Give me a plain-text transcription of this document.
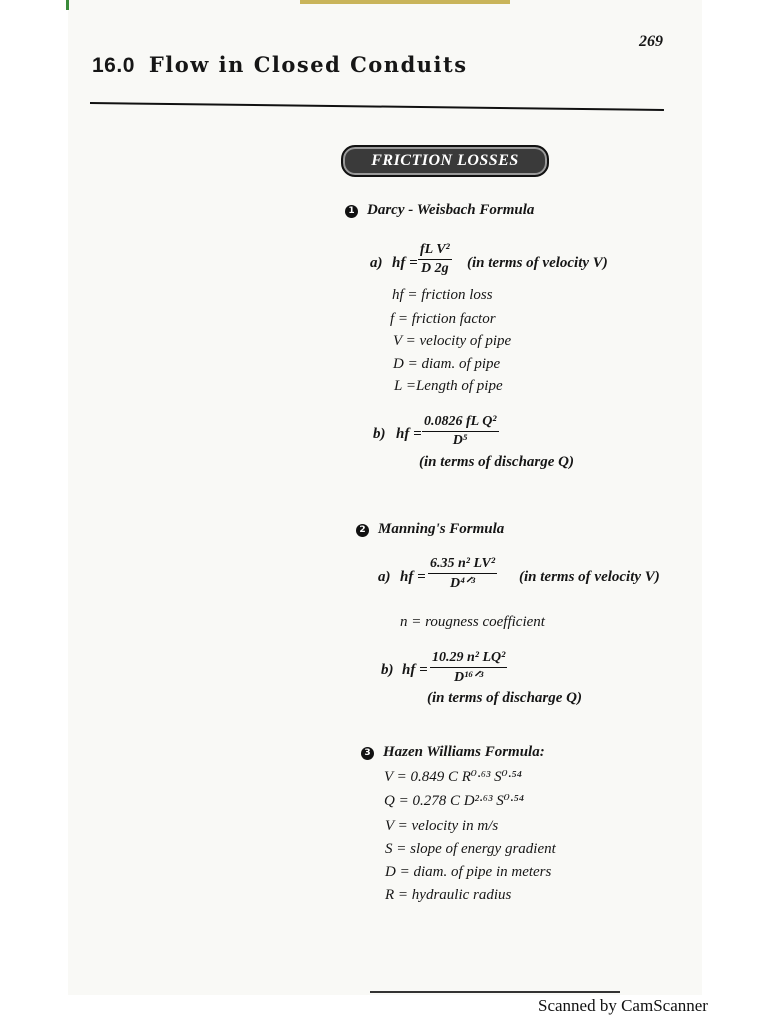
269
16.0 Flow in Closed Conduits
FRICTION LOSSES
1 Darcy - Weisbach Formula
a) hf = $\frac{\text{fL V²}}{D 2g} (in$ terms of velocity V)
hf = friction loss
f = friction factor
V = velocity of pipe
D = diam. of pipe
L =Length of pipe
b) hf = $\frac{\text{0.0826 fL Q²}}{\text{D⁵}}$
(in terms of discharge Q)
2 Manning's Formula
a) hf =
6.35 n² LV²
D⁴ᐟ³	(in terms of velocity V)
n = rougness coefficient
b) hf =
10.29 n² LQ²
D¹⁶ᐟ³
(in terms of discharge Q)
3 Hazen Williams Formula:
V = 0.849 C R⁰·⁶³ S⁰·⁵⁴
Q = 0.278 C D²·⁶³ S⁰·⁵⁴
V = velocity in m/s
S = slope of energy gradient
D = diam. of pipe in meters
R = hydraulic radius
Scanned by CamScanner
